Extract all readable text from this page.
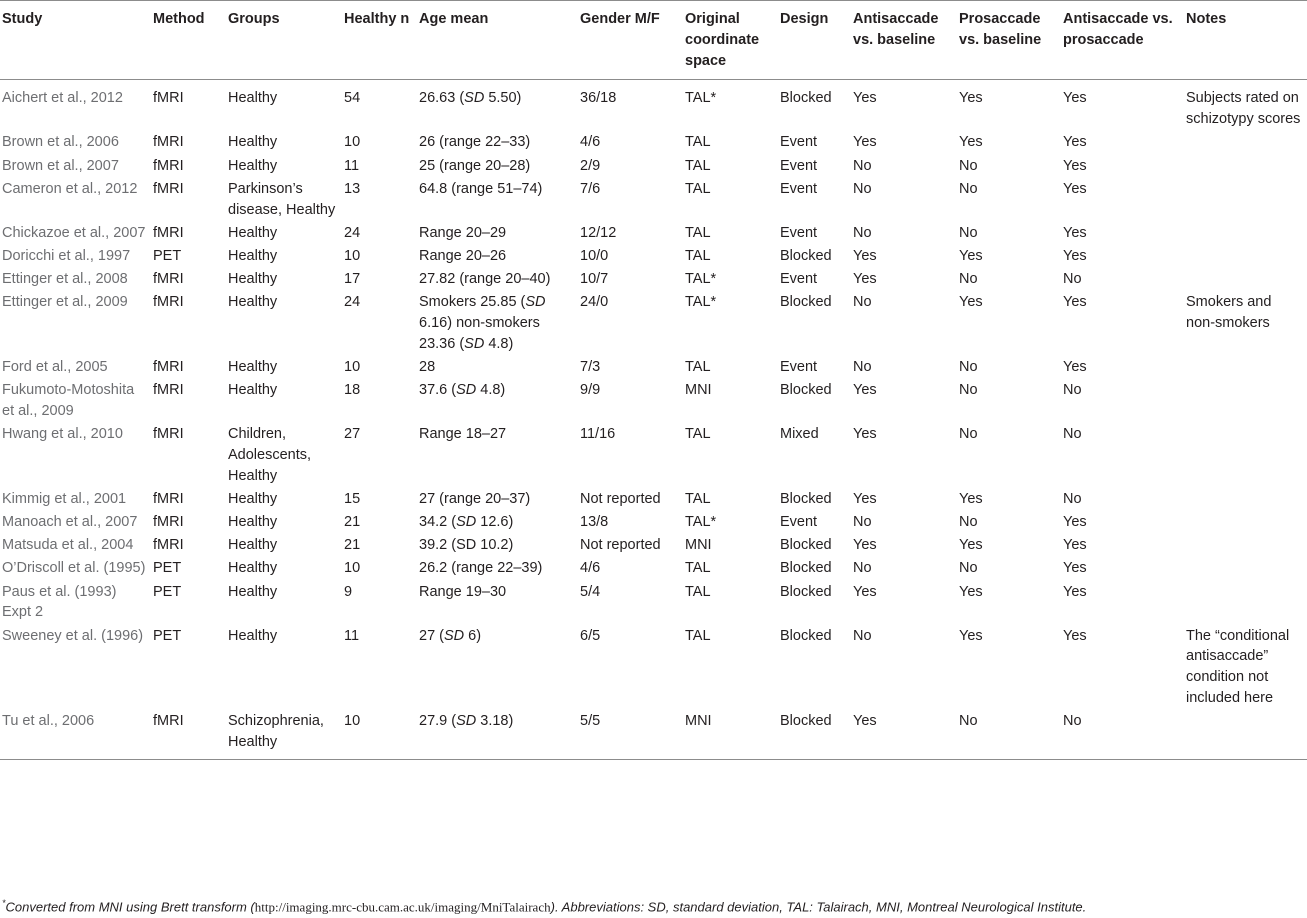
Study	Method	Groups	Healthy n	Age mean	Gender M/F	Original coordinate space	Design	Antisaccade vs. baseline	Prosaccade vs. baseline	Antisaccade vs. prosaccade	Notes
Aichert et al., 2012	fMRI	Healthy	54	26.63 (SD 5.50)	36/18	TAL*	Blocked	Yes	Yes	Yes	Subjects rated on schizotypy scores
Brown et al., 2006	fMRI	Healthy	10	26 (range 22–33)	4/6	TAL	Event	Yes	Yes	Yes	
Brown et al., 2007	fMRI	Healthy	11	25 (range 20–28)	2/9	TAL	Event	No	No	Yes	
Cameron et al., 2012	fMRI	Parkinson’s disease, Healthy	13	64.8 (range 51–74)	7/6	TAL	Event	No	No	Yes	
Chickazoe et al., 2007	fMRI	Healthy	24	Range 20–29	12/12	TAL	Event	No	No	Yes	
Doricchi et al., 1997	PET	Healthy	10	Range 20–26	10/0	TAL	Blocked	Yes	Yes	Yes	
Ettinger et al., 2008	fMRI	Healthy	17	27.82 (range 20–40)	10/7	TAL*	Event	Yes	No	No	
Ettinger et al., 2009	fMRI	Healthy	24	Smokers 25.85 (SD 6.16) non-smokers 23.36 (SD 4.8)	24/0	TAL*	Blocked	No	Yes	Yes	Smokers and non-smokers
Ford et al., 2005	fMRI	Healthy	10	28	7/3	TAL	Event	No	No	Yes	
Fukumoto-Motoshita et al., 2009	fMRI	Healthy	18	37.6 (SD 4.8)	9/9	MNI	Blocked	Yes	No	No	
Hwang et al., 2010	fMRI	Children, Adolescents, Healthy	27	Range 18–27	11/16	TAL	Mixed	Yes	No	No	
Kimmig et al., 2001	fMRI	Healthy	15	27 (range 20–37)	Not reported	TAL	Blocked	Yes	Yes	No	
Manoach et al., 2007	fMRI	Healthy	21	34.2 (SD 12.6)	13/8	TAL*	Event	No	No	Yes	
Matsuda et al., 2004	fMRI	Healthy	21	39.2 (SD 10.2)	Not reported	MNI	Blocked	Yes	Yes	Yes	
O’Driscoll et al. (1995)	PET	Healthy	10	26.2 (range 22–39)	4/6	TAL	Blocked	No	No	Yes	
Paus et al. (1993) Expt 2	PET	Healthy	9	Range 19–30	5/4	TAL	Blocked	Yes	Yes	Yes	
Sweeney et al. (1996)	PET	Healthy	11	27 (SD 6)	6/5	TAL	Blocked	No	Yes	Yes	The “conditional antisaccade” condition not included here
Tu et al., 2006	fMRI	Schizophrenia, Healthy	10	27.9 (SD 3.18)	5/5	MNI	Blocked	Yes	No	No	
*Converted from MNI using Brett transform (http://imaging.mrc-cbu.cam.ac.uk/imaging/MniTalairach). Abbreviations: SD, standard deviation, TAL: Talairach, MNI, Montreal Neurological Institute.
